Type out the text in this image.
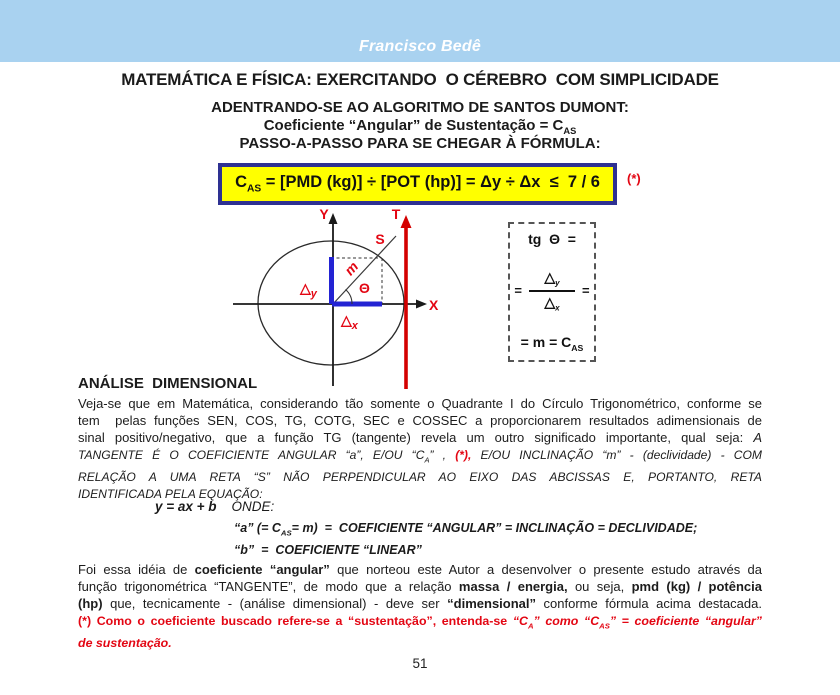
Francisco Bedê
MATEMÁTICA E FÍSICA: EXERCITANDO  O CÉREBRO  COM SIMPLICIDADE
ADENTRANDO-SE AO ALGORITMO DE SANTOS DUMONT:
Coeficiente “Angular” de Sustentação = $C_{AS}$
PASSO-A-PASSO PARA SE CHEGAR À FÓRMULA:
$C_{AS} = [PMD$ (kg)] ÷ [POT (hp)] = Δy ÷ Δx  ≤  7 / 6 (*)
Y	T
S
m
Θ
$\triangle_y$
$\triangle_x$
X
tg  Θ  =
= $\frac{\triangle_y}{\triangle_x}$ =
= $m = C_{AS}$
ANÁLISE  DIMENSIONAL
Veja-se que em Matemática, considerando tão somente o Quadrante I do Círculo Trigonométrico, conforme se
tem  pelas funções SEN, COS, TG, COTG, SEC e COSSEC a proporcionarem resultados adimensionais de
sinal positivo/negativo, que a função TG (tangente) revela um outro significado importante, qual seja: A
TANGENTE É O COEFICIENTE ANGULAR “a”, E/OU “$C_A$” , (*), E/OU INCLINAÇÃO “m” - (declividade) - COM
RELAÇÃO A UMA RETA “S” NÃO PERPENDICULAR AO EIXO DAS ABCISSAS E, PORTANTO, RETA
IDENTIFICADA PELA EQUAÇÃO:
y = ax + b    ONDE:
“a” (= $C_{AS}= m$)  =  COEFICIENTE “ANGULAR” = INCLINAÇÃO = DECLIVIDADE;
“b”  =  COEFICIENTE “LINEAR”
Foi essa idéia de coeficiente “angular” que norteou este Autor a desenvolver o presente estudo através da
função trigonométrica “TANGENTE”, de modo que a relação massa / energia, ou seja, pmd (kg) / potência
(hp) que, tecnicamente - (análise dimensional) - deve ser “dimensional” conforme fórmula acima destacada.
(*) Como o coeficiente buscado refere-se a “sustentação”, entenda-se “$C_A$” como “$C_{AS}$” = coeficiente “angular”
de sustentação.
51
